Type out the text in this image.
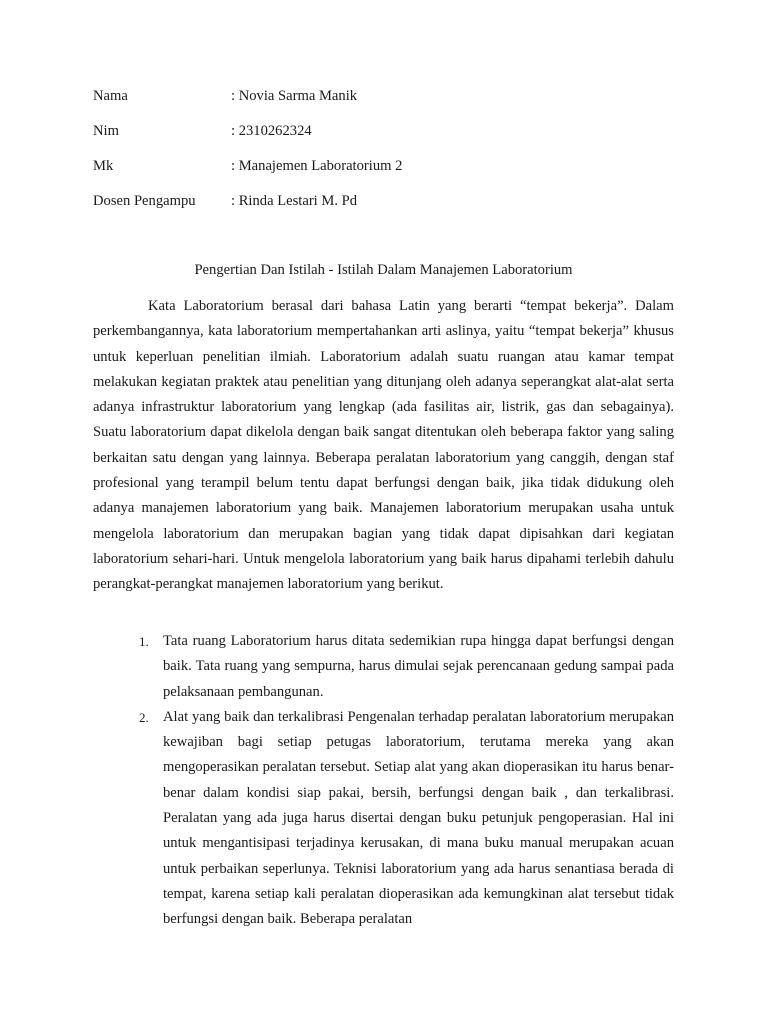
Nama	: Novia Sarma Manik
Nim	: 2310262324
Mk	: Manajemen Laboratorium 2
Dosen Pengampu : Rinda Lestari M. Pd
Pengertian Dan Istilah - Istilah Dalam Manajemen Laboratorium

Kata Laboratorium berasal dari bahasa Latin yang berarti “tempat bekerja”. Dalam perkembangannya, kata laboratorium mempertahankan arti aslinya, yaitu “tempat bekerja” khusus untuk keperluan penelitian ilmiah. Laboratorium adalah suatu ruangan atau kamar tempat melakukan kegiatan praktek atau penelitian yang ditunjang oleh adanya seperangkat alat-alat serta adanya infrastruktur laboratorium yang lengkap (ada fasilitas air, listrik, gas dan sebagainya). Suatu laboratorium dapat dikelola dengan baik sangat ditentukan oleh beberapa faktor yang saling berkaitan satu dengan yang lainnya. Beberapa peralatan laboratorium yang canggih, dengan staf profesional yang terampil belum tentu dapat berfungsi dengan baik, jika tidak didukung oleh adanya manajemen laboratorium yang baik. Manajemen laboratorium merupakan usaha untuk mengelola laboratorium dan merupakan bagian yang tidak dapat dipisahkan dari kegiatan laboratorium sehari-hari. Untuk mengelola laboratorium yang baik harus dipahami terlebih dahulu perangkat-perangkat manajemen laboratorium yang berikut.

1. Tata ruang Laboratorium harus ditata sedemikian rupa hingga dapat berfungsi dengan baik. Tata ruang yang sempurna, harus dimulai sejak perencanaan gedung sampai pada pelaksanaan pembangunan.
2. Alat yang baik dan terkalibrasi Pengenalan terhadap peralatan laboratorium merupakan kewajiban bagi setiap petugas laboratorium, terutama mereka yang akan mengoperasikan peralatan tersebut. Setiap alat yang akan dioperasikan itu harus benar-benar dalam kondisi siap pakai, bersih, berfungsi dengan baik , dan terkalibrasi. Peralatan yang ada juga harus disertai dengan buku petunjuk pengoperasian. Hal ini untuk mengantisipasi terjadinya kerusakan, di mana buku manual merupakan acuan untuk perbaikan seperlunya. Teknisi laboratorium yang ada harus senantiasa berada di tempat, karena setiap kali peralatan dioperasikan ada kemungkinan alat tersebut tidak berfungsi dengan baik. Beberapa peralatan
